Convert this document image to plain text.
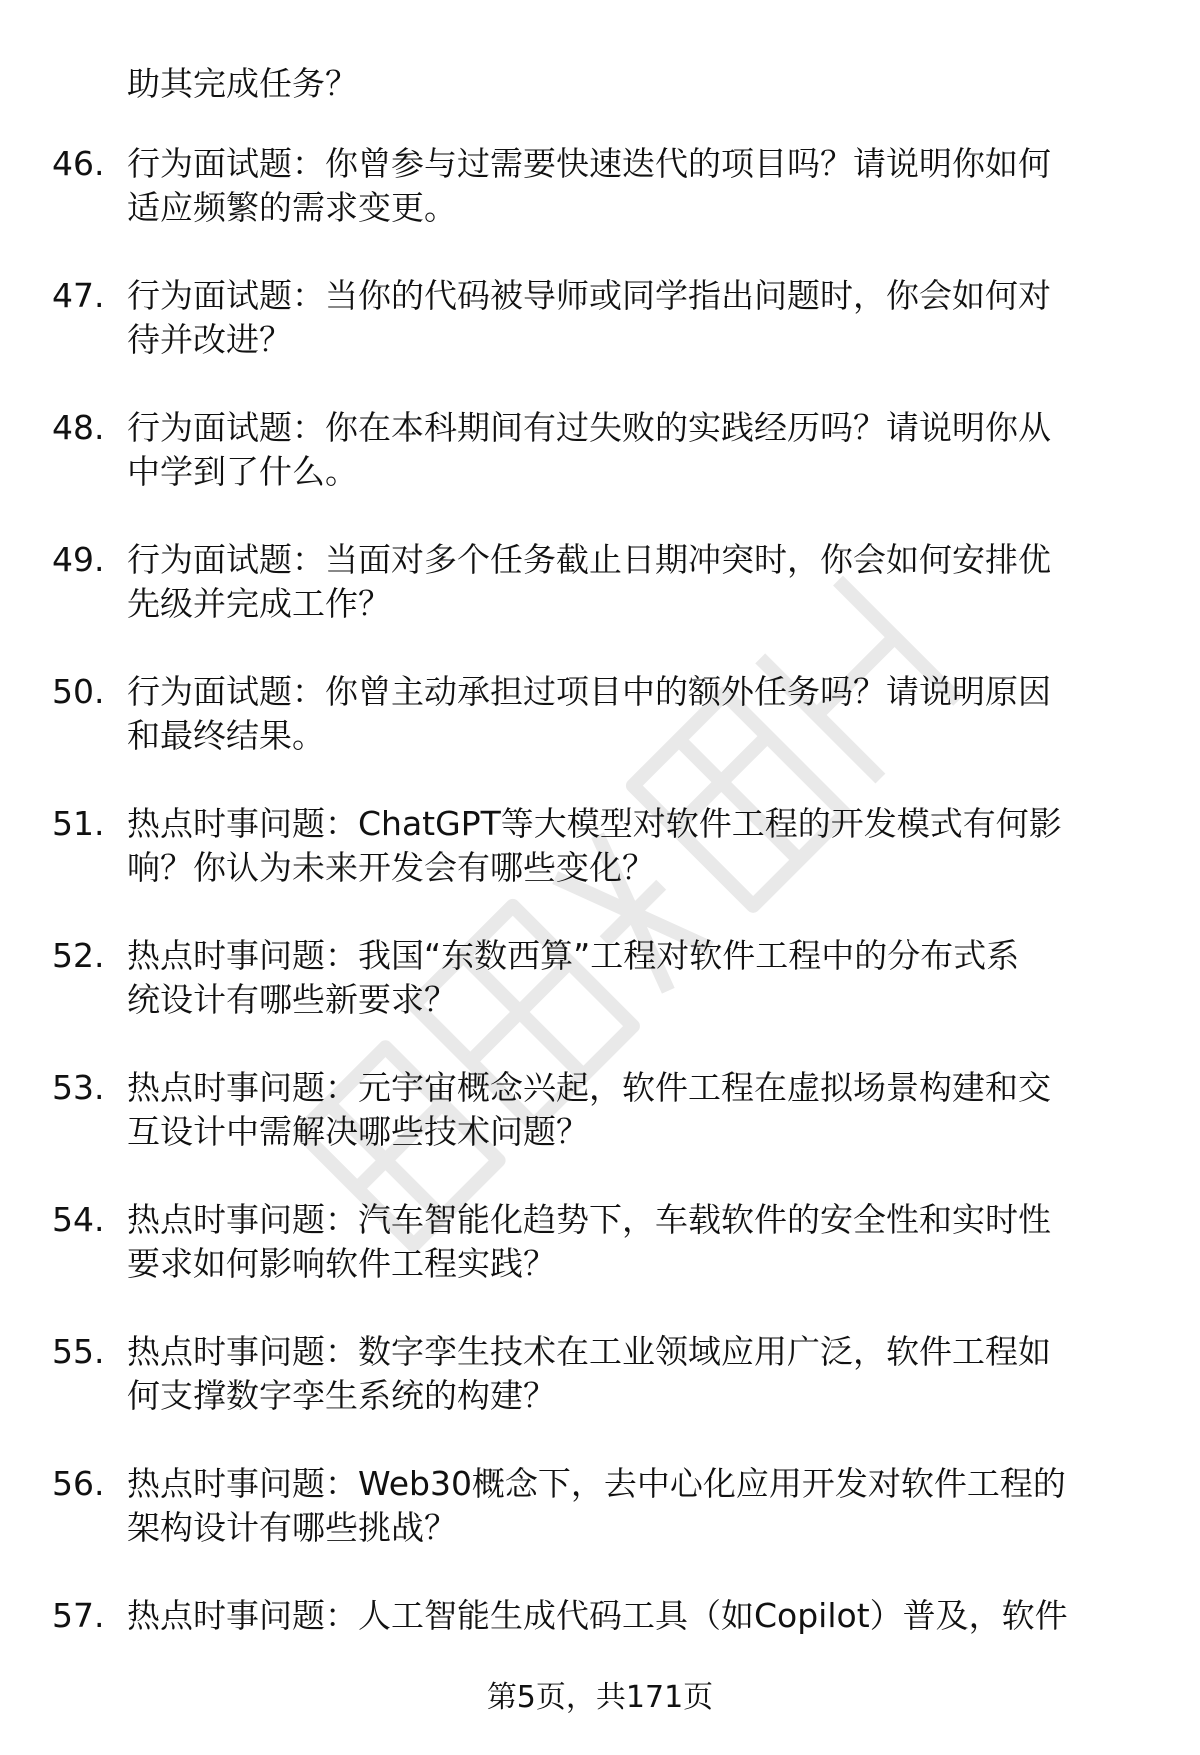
助其完成任务？
46. 行为面试题：你曾参与过需要快速迭代的项目吗？请说明你如何
适应频繁的需求变更。
47. 行为面试题：当你的代码被导师或同学指出问题时，你会如何对
待并改进？
48. 行为面试题：你在本科期间有过失败的实践经历吗？请说明你从
中学到了什么。
49. 行为面试题：当面对多个任务截止日期冲突时，你会如何安排优
先级并完成工作？
50. 行为面试题：你曾主动承担过项目中的额外任务吗？请说明原因
和最终结果。
51. 热点时事问题：ChatGPT等大模型对软件工程的开发模式有何影
响？你认为未来开发会有哪些变化？
52. 热点时事问题：我国“东数西算”工程对软件工程中的分布式系
统设计有哪些新要求？
53. 热点时事问题：元宇宙概念兴起，软件工程在虚拟场景构建和交
互设计中需解决哪些技术问题？
54. 热点时事问题：汽车智能化趋势下，车载软件的安全性和实时性
要求如何影响软件工程实践？
55. 热点时事问题：数字孪生技术在工业领域应用广泛，软件工程如
何支撑数字孪生系统的构建？
56. 热点时事问题：Web30概念下，去中心化应用开发对软件工程的
架构设计有哪些挑战？
57. 热点时事问题：人工智能生成代码工具（如Copilot）普及，软件
第5页，共171页
